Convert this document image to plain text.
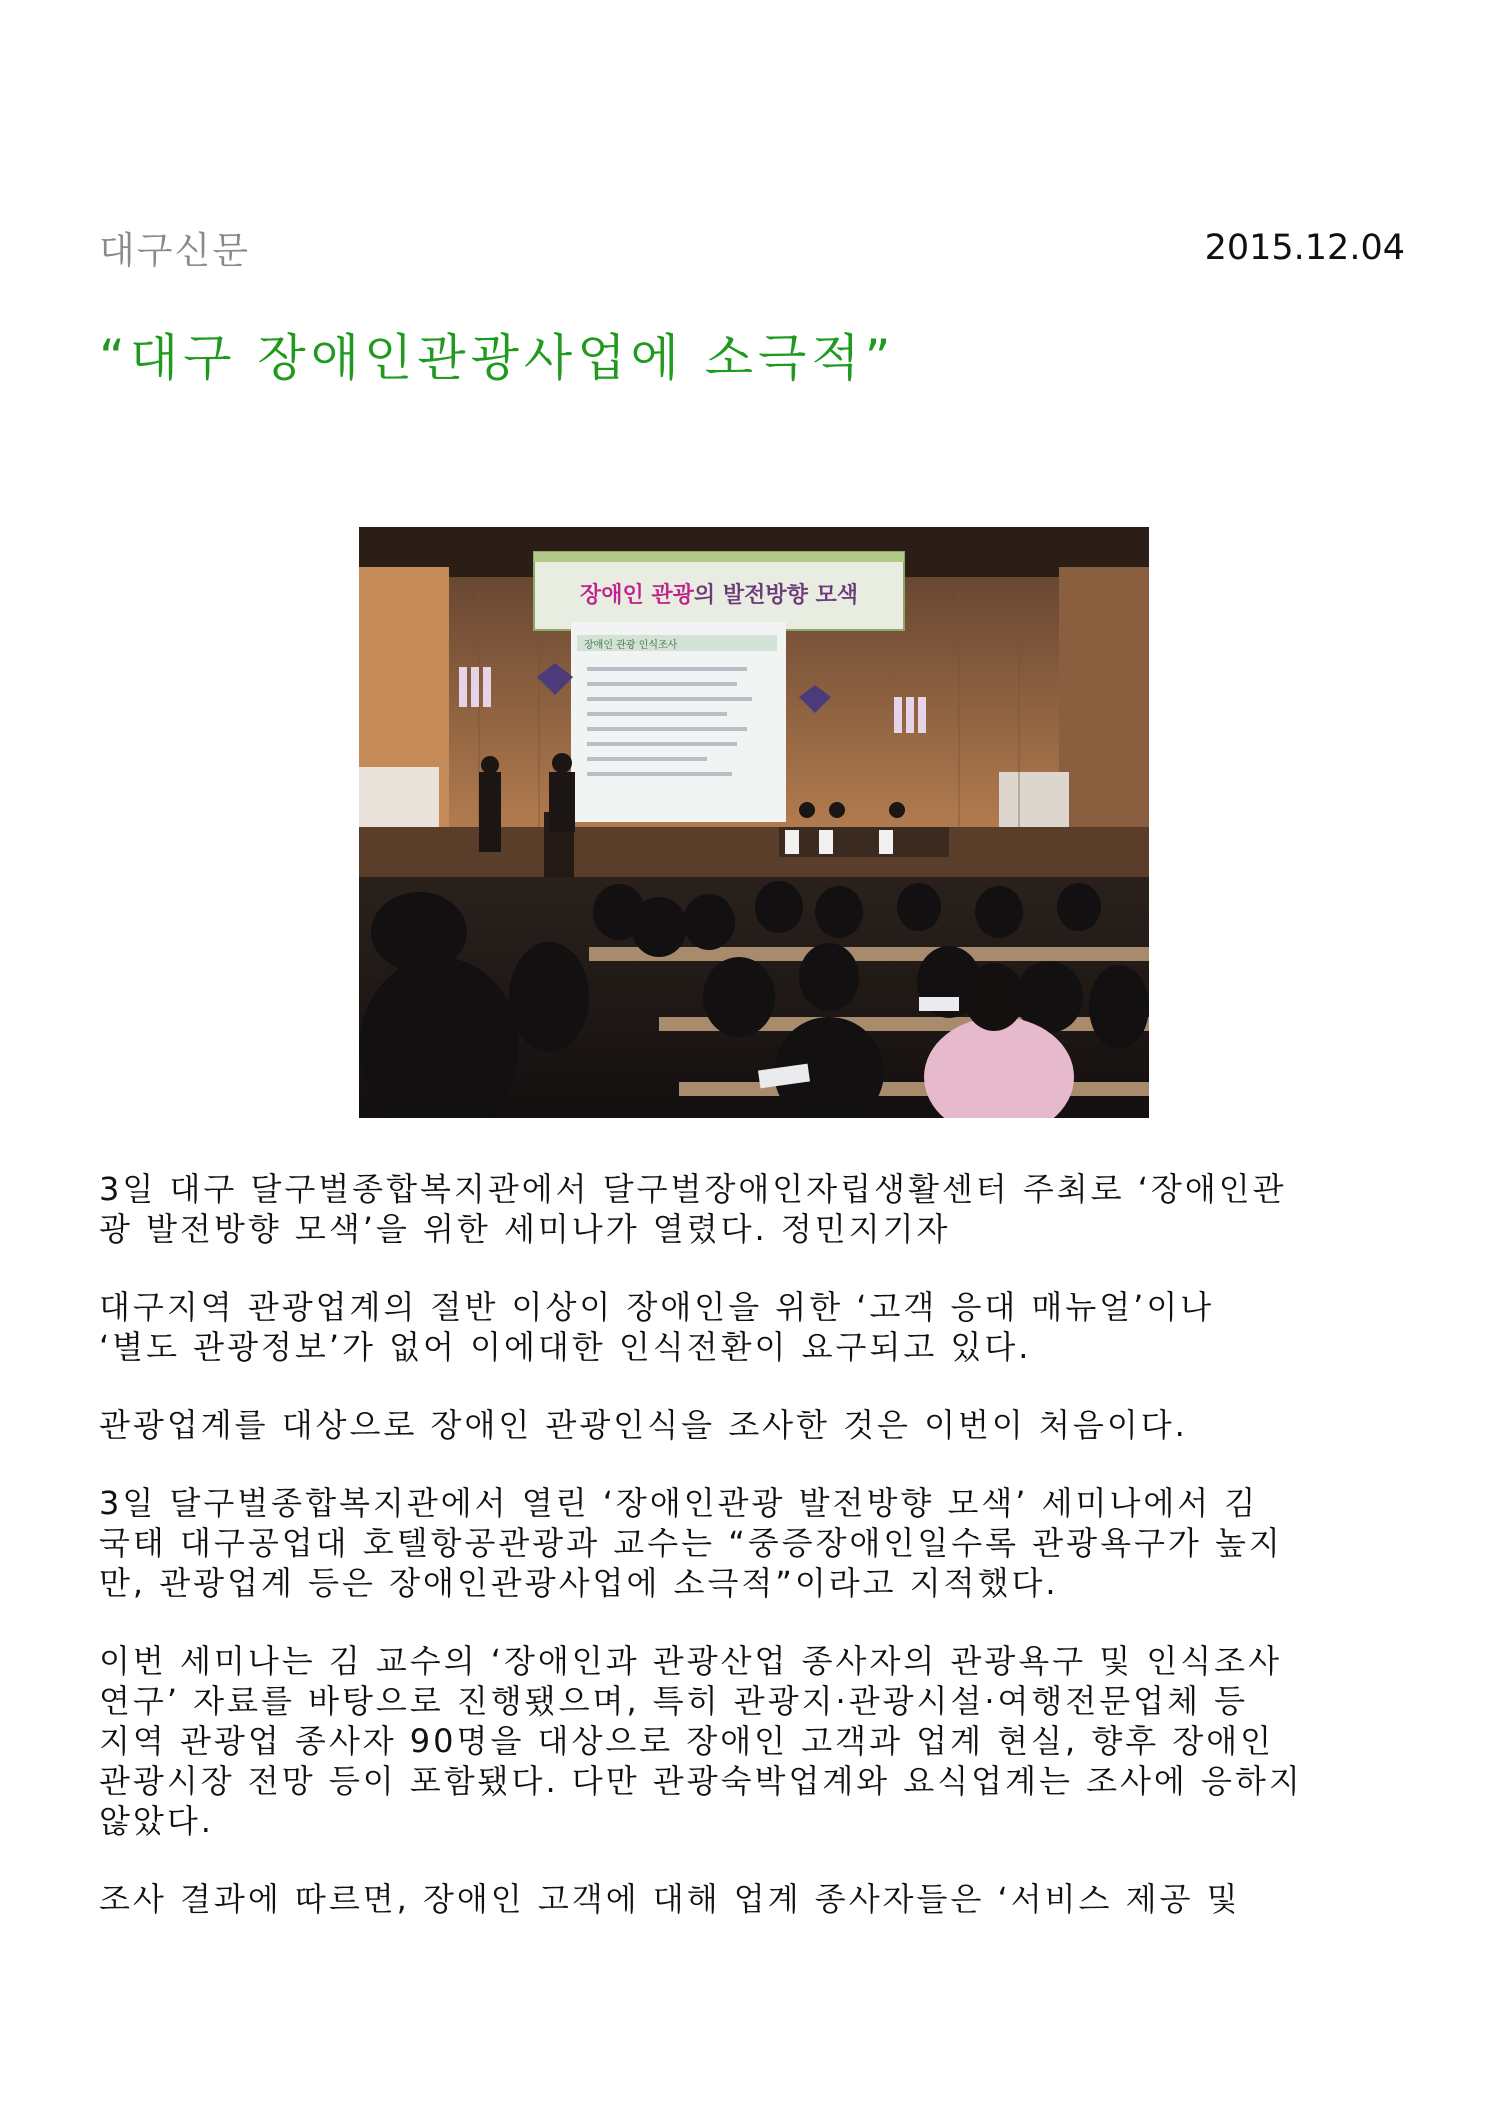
대구신문	2015.12.04
“대구 장애인관광사업에 소극적”
장애인 관광의 발전방향 모색
장애인 관광 인식조사

3일 대구 달구벌종합복지관에서 달구벌장애인자립생활센터 주최로 ‘장애인관
광 발전방향 모색’을 위한 세미나가 열렸다. 정민지기자

대구지역 관광업계의 절반 이상이 장애인을 위한 ‘고객 응대 매뉴얼’이나
‘별도 관광정보’가 없어 이에대한 인식전환이 요구되고 있다.

관광업계를 대상으로 장애인 관광인식을 조사한 것은 이번이 처음이다.

3일 달구벌종합복지관에서 열린 ‘장애인관광 발전방향 모색’ 세미나에서 김
국태 대구공업대 호텔항공관광과 교수는 “중증장애인일수록 관광욕구가 높지
만, 관광업계 등은 장애인관광사업에 소극적”이라고 지적했다.

이번 세미나는 김 교수의 ‘장애인과 관광산업 종사자의 관광욕구 및 인식조사
연구’ 자료를 바탕으로 진행됐으며, 특히 관광지·관광시설·여행전문업체 등
지역 관광업 종사자 90명을 대상으로 장애인 고객과 업계 현실, 향후 장애인
관광시장 전망 등이 포함됐다. 다만 관광숙박업계와 요식업계는 조사에 응하지
않았다.

조사 결과에 따르면, 장애인 고객에 대해 업계 종사자들은 ‘서비스 제공 및
